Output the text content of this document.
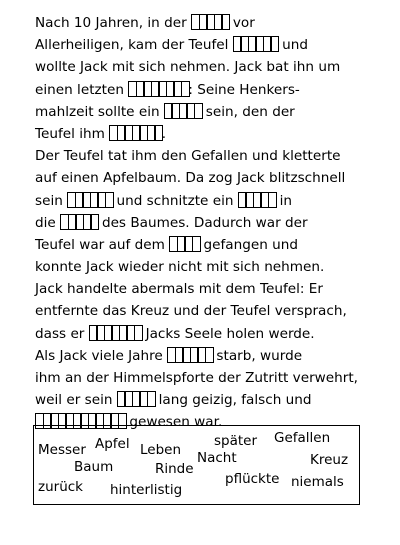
Nach 10 Jahren, in der	vor
Allerheiligen, kam der Teufel	und
wollte Jack mit sich nehmen. Jack bat ihn um
einen letzten	: Seine Henkers-
mahlzeit sollte ein	sein, den der
Teufel ihm	.
Der Teufel tat ihm den Gefallen und kletterte
auf einen Apfelbaum. Da zog Jack blitzschnell
sein	und schnitzte ein	in
die	des Baumes. Dadurch war der
Teufel war auf dem	gefangen und
konnte Jack wieder nicht mit sich nehmen.
Jack handelte abermals mit dem Teufel: Er
entfernte das Kreuz und der Teufel versprach,
dass er	Jacks Seele holen werde.
Als Jack viele Jahre	starb, wurde
ihm an der Himmelspforte der Zutritt verwehrt,
weil er sein	lang geizig, falsch und
gewesen war.
Messer Apfel Leben
später Gefallen
Nacht	Kreuz
Baum	Rinde
zurück hinterlistig
pflückte niemals
